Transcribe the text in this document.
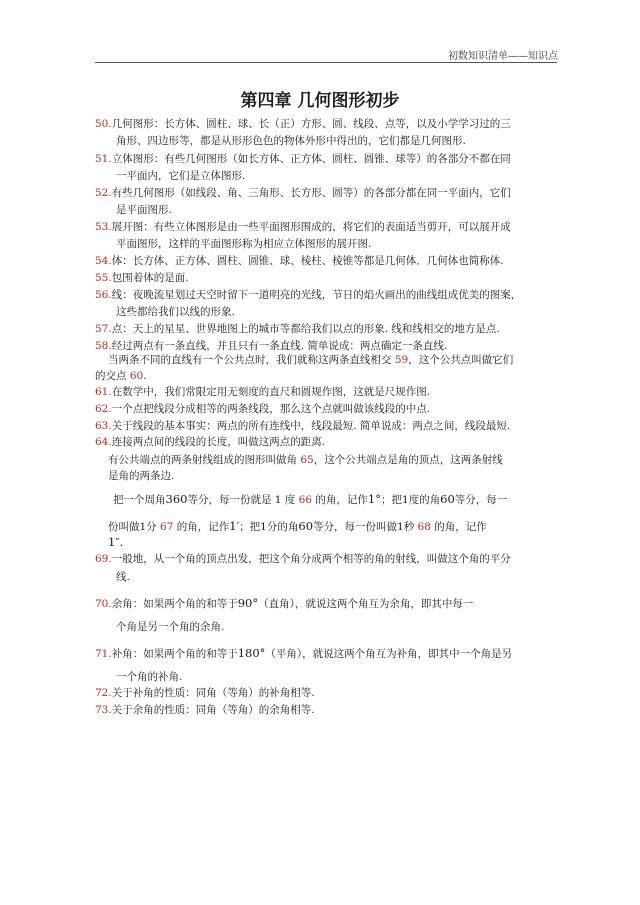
初数知识清单——知识点
第四章 几何图形初步
50.几何图形：长方体、圆柱、球、长（正）方形、圆、线段、点等，以及小学学习过的三
角形、四边形等，都是从形形色色的物体外形中得出的，它们都是几何图形.
51.立体图形：有些几何图形（如长方体、正方体、圆柱、圆锥、球等）的各部分不都在同
一平面内，它们是立体图形.
52.有些几何图形（如线段、角、三角形、长方形、圆等）的各部分都在同一平面内，它们
是平面图形.
53.展开图：有些立体图形是由一些平面图形围成的，将它们的表面适当剪开，可以展开成
平面图形，这样的平面图形称为相应立体图形的展开图.
54.体：长方体、正方体、圆柱、圆锥、球、棱柱、棱锥等都是几何体．几何体也简称体.
55.包围着体的是面.
56.线：夜晚流星划过天空时留下一道明亮的光线，节日的焰火画出的曲线组成优美的图案，
这些都给我们以线的形象.
57.点：天上的星星、世界地图上的城市等都给我们以点的形象. 线和线相交的地方是点.
58.经过两点有一条直线，并且只有一条直线. 简单说成：两点确定一条直线.
当两条不同的直线有一个公共点时，我们就称这两条直线相交 59，这个公共点叫做它们
的交点 60.
61.在数学中，我们常限定用无刻度的直尺和圆规作图，这就是尺规作图.
62.一个点把线段分成相等的两条线段，那么这个点就叫做该线段的中点.
63.关于线段的基本事实：两点的所有连线中，线段最短. 简单说成：两点之间，线段最短.
64.连接两点间的线段的长度，叫做这两点的距离.
有公共端点的两条射线组成的图形叫做角 65，这个公共端点是角的顶点，这两条射线
是角的两条边.
把一个周角360等分，每一份就是 1 度 66 的角，记作1°；把1度的角60等分，每一
份叫做1分 67 的角，记作1′；把1分的角60等分，每一份叫做1秒 68 的角，记作
1″.
69.一般地，从一个角的顶点出发，把这个角分成两个相等的角的射线，叫做这个角的平分
线.
70.余角：如果两个角的和等于90°（直角），就说这两个角互为余角，即其中每一
个角是另一个角的余角.
71.补角：如果两个角的和等于180°（平角），就说这两个角互为补角，即其中一个角是另
一个角的补角.
72.关于补角的性质：同角（等角）的补角相等.
73.关于余角的性质：同角（等角）的余角相等.
